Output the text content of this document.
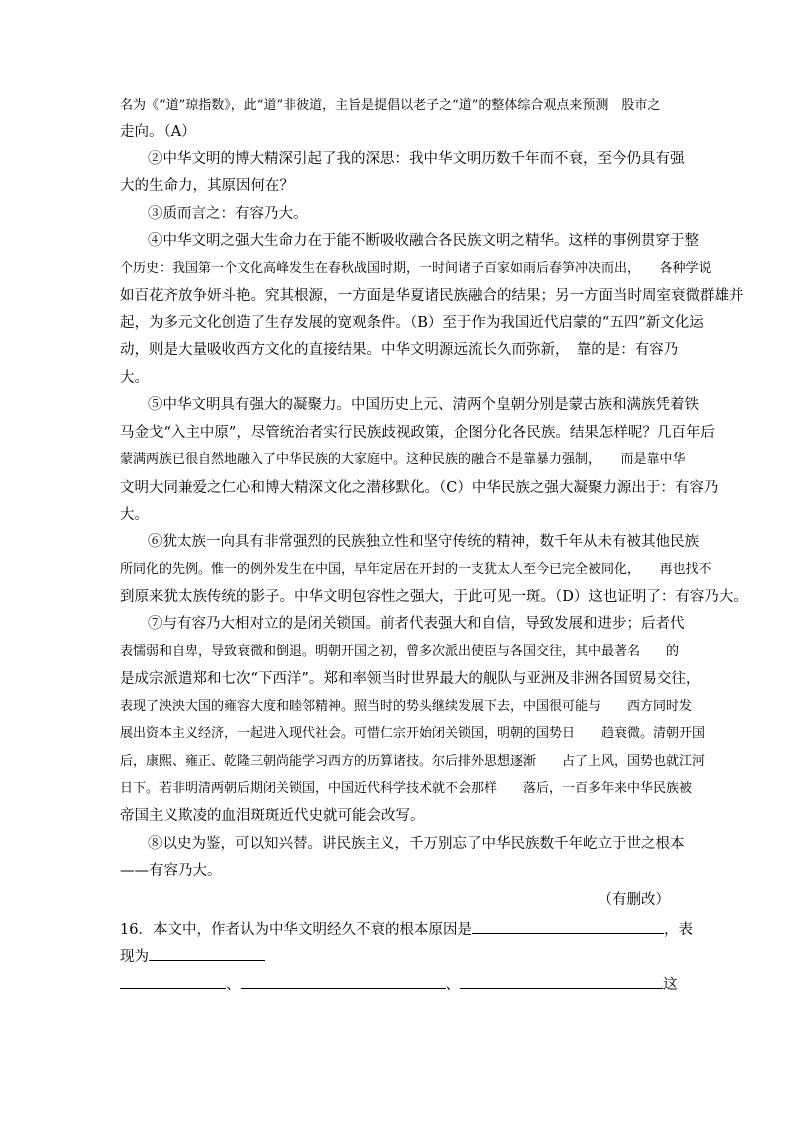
名为《“道”琼指数》，此“道”非彼道，主旨是提倡以老子之“道”的整体综合观点来预测　股市之
走向。（A）
②中华文明的博大精深引起了我的深思：我中华文明历数千年而不衰，至今仍具有强
大的生命力，其原因何在？
③质而言之：有容乃大。
④中华文明之强大生命力在于能不断吸收融合各民族文明之精华。这样的事例贯穿于整
个历史：我国第一个文化高峰发生在春秋战国时期，一时间诸子百家如雨后春笋冲决而出，　　各种学说
如百花齐放争妍斗艳。究其根源，一方面是华夏诸民族融合的结果；另一方面当时周室衰微群雄并
起，为多元文化创造了生存发展的宽观条件。（B）至于作为我国近代启蒙的“五四”新文化运
动，则是大量吸收西方文化的直接结果。中华文明源远流长久而弥新，　靠的是：有容乃
大。
⑤中华文明具有强大的凝聚力。中国历史上元、清两个皇朝分别是蒙古族和满族凭着铁
马金戈“入主中原”，尽管统治者实行民族歧视政策，企图分化各民族。结果怎样呢？几百年后
蒙满两族已很自然地融入了中华民族的大家庭中。这种民族的融合不是靠暴力强制，　　而是靠中华
文明大同兼爱之仁心和博大精深文化之潜移默化。（C）中华民族之强大凝聚力源出于：有容乃
大。
⑥犹太族一向具有非常强烈的民族独立性和坚守传统的精神，数千年从未有被其他民族
所同化的先例。惟一的例外发生在中国，早年定居在开封的一支犹太人至今已完全被同化，　　再也找不
到原来犹太族传统的影子。中华文明包容性之强大，于此可见一斑。（D）这也证明了：有容乃大。
⑦与有容乃大相对立的是闭关锁国。前者代表强大和自信，导致发展和进步；后者代
表懦弱和自卑，导致衰微和倒退。明朝开国之初，曾多次派出使臣与各国交往，其中最著名　　的
是成宗派遣郑和七次“下西洋”。郑和率领当时世界最大的舰队与亚洲及非洲各国贸易交往，
表现了泱泱大国的雍容大度和睦邻精神。照当时的势头继续发展下去，中国很可能与　　西方同时发
展出资本主义经济，一起进入现代社会。可惜仁宗开始闭关锁国，明朝的国势日　　趋衰微。清朝开国
后，康熙、雍正、乾隆三朝尚能学习西方的历算诸技。尔后排外思想逐渐　　占了上风，国势也就江河
日下。若非明清两朝后期闭关锁国，中国近代科学技术就不会那样　　落后，一百多年来中华民族被
帝国主义欺凌的血泪斑斑近代史就可能会改写。
⑧以史为鉴，可以知兴替。讲民族主义，千万别忘了中华民族数千年屹立于世之根本
——有容乃大。
（有删改）
16．本文中，作者认为中华文明经久不衰的根本原因是	，表
现为
、	、	这
